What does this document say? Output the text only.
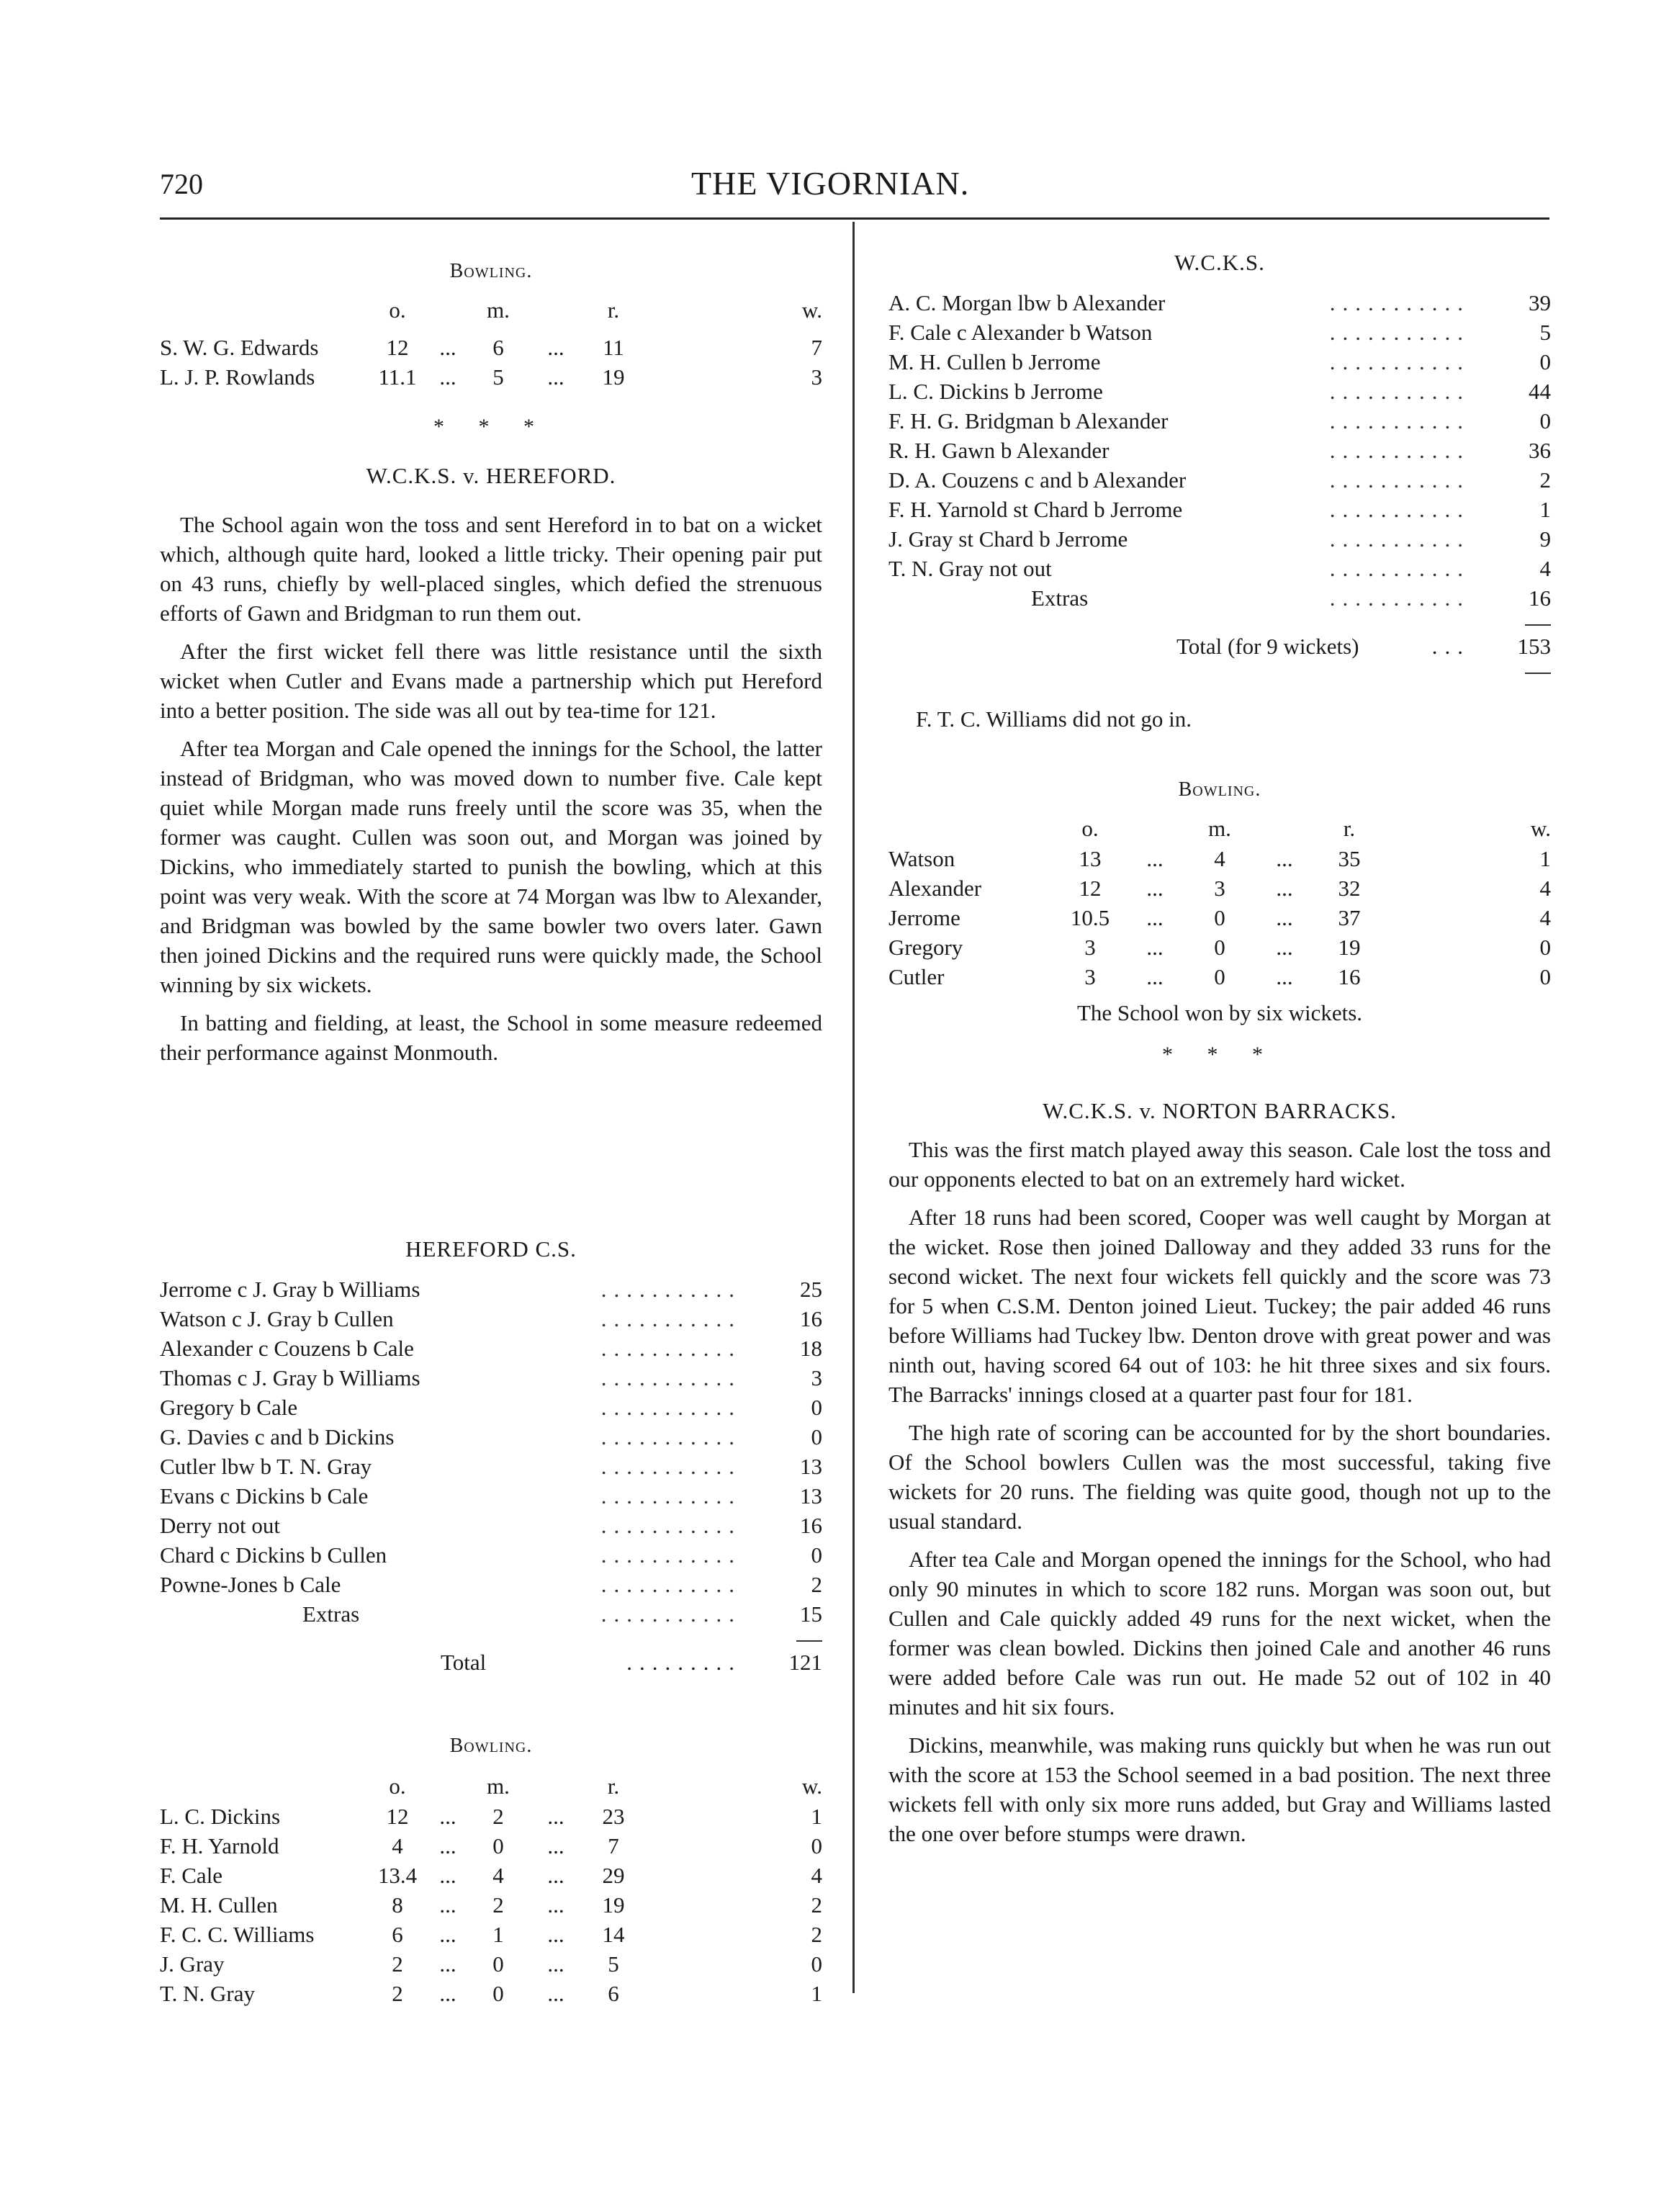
720	THE VIGORNIAN.
Bowling.
o.	m.	r.	w.
S. W. G. Edwards	12	...	6	...	11	7
L. J. P. Rowlands	11.1	...	5	...	19	3
* * *
W.C.K.S. v. HEREFORD.

The School again won the toss and sent Hereford in to bat on a wicket which, although quite hard, looked a little tricky. Their opening pair put on 43 runs, chiefly by well-placed singles, which defied the strenuous efforts of Gawn and Bridgman to run them out.

After the first wicket fell there was little resistance until the sixth wicket when Cutler and Evans made a partnership which put Hereford into a better position. The side was all out by tea-time for 121.

After tea Morgan and Cale opened the innings for the School, the latter instead of Bridgman, who was moved down to number five. Cale kept quiet while Morgan made runs freely until the score was 35, when the former was caught. Cullen was soon out, and Morgan was joined by Dickins, who immediately started to punish the bowling, which at this point was very weak. With the score at 74 Morgan was lbw to Alexander, and Bridgman was bowled by the same bowler two overs later. Gawn then joined Dickins and the required runs were quickly made, the School winning by six wickets.

In batting and fielding, at least, the School in some measure redeemed their performance against Monmouth.

HEREFORD C.S.
Jerrome c J. Gray b Williams	...........	25
Watson c J. Gray b Cullen	...........	16
Alexander c Couzens b Cale	...........	18
Thomas c J. Gray b Williams	...........	3
Gregory b Cale	...........	0
G. Davies c and b Dickins	...........	0
Cutler lbw b T. N. Gray	...........	13
Evans c Dickins b Cale	...........	13
Derry not out	...........	16
Chard c Dickins b Cullen	...........	0
Powne-Jones b Cale	...........	2
Extras	...........	15
Total	.........	121
Bowling.
o.	m.	r.	w.
L. C. Dickins	12	...	2	...	23	1
F. H. Yarnold	4	...	0	...	7	0
F. Cale	13.4	...	4	...	29	4
M. H. Cullen	8	...	2	...	19	2
F. C. C. Williams	6	...	1	...	14	2
J. Gray	2	...	0	...	5	0
T. N. Gray	2	...	0	...	6	1
W.C.K.S.
A. C. Morgan lbw b Alexander	...........	39
F. Cale c Alexander b Watson	...........	5
M. H. Cullen b Jerrome	...........	0
L. C. Dickins b Jerrome	...........	44
F. H. G. Bridgman b Alexander	...........	0
R. H. Gawn b Alexander	...........	36
D. A. Couzens c and b Alexander	...........	2
F. H. Yarnold st Chard b Jerrome	...........	1
J. Gray st Chard b Jerrome	...........	9
T. N. Gray not out	...........	4
Extras	...........	16
Total (for 9 wickets)	...	153
F. T. C. Williams did not go in.
Bowling.
o.	m.	r.	w.
Watson	13	...	4	...	35	1
Alexander	12	...	3	...	32	4
Jerrome	10.5	...	0	...	37	4
Gregory	3	...	0	...	19	0
Cutler	3	...	0	...	16	0
The School won by six wickets.
* * *
W.C.K.S. v. NORTON BARRACKS.

This was the first match played away this season. Cale lost the toss and our opponents elected to bat on an extremely hard wicket.

After 18 runs had been scored, Cooper was well caught by Morgan at the wicket. Rose then joined Dalloway and they added 33 runs for the second wicket. The next four wickets fell quickly and the score was 73 for 5 when C.S.M. Denton joined Lieut. Tuckey; the pair added 46 runs before Williams had Tuckey lbw. Denton drove with great power and was ninth out, having scored 64 out of 103: he hit three sixes and six fours. The Barracks' innings closed at a quarter past four for 181.

The high rate of scoring can be accounted for by the short boundaries. Of the School bowlers Cullen was the most successful, taking five wickets for 20 runs. The fielding was quite good, though not up to the usual standard.

After tea Cale and Morgan opened the innings for the School, who had only 90 minutes in which to score 182 runs. Morgan was soon out, but Cullen and Cale quickly added 49 runs for the next wicket, when the former was clean bowled. Dickins then joined Cale and another 46 runs were added before Cale was run out. He made 52 out of 102 in 40 minutes and hit six fours.

Dickins, meanwhile, was making runs quickly but when he was run out with the score at 153 the School seemed in a bad position. The next three wickets fell with only six more runs added, but Gray and Williams lasted the one over before stumps were drawn.
